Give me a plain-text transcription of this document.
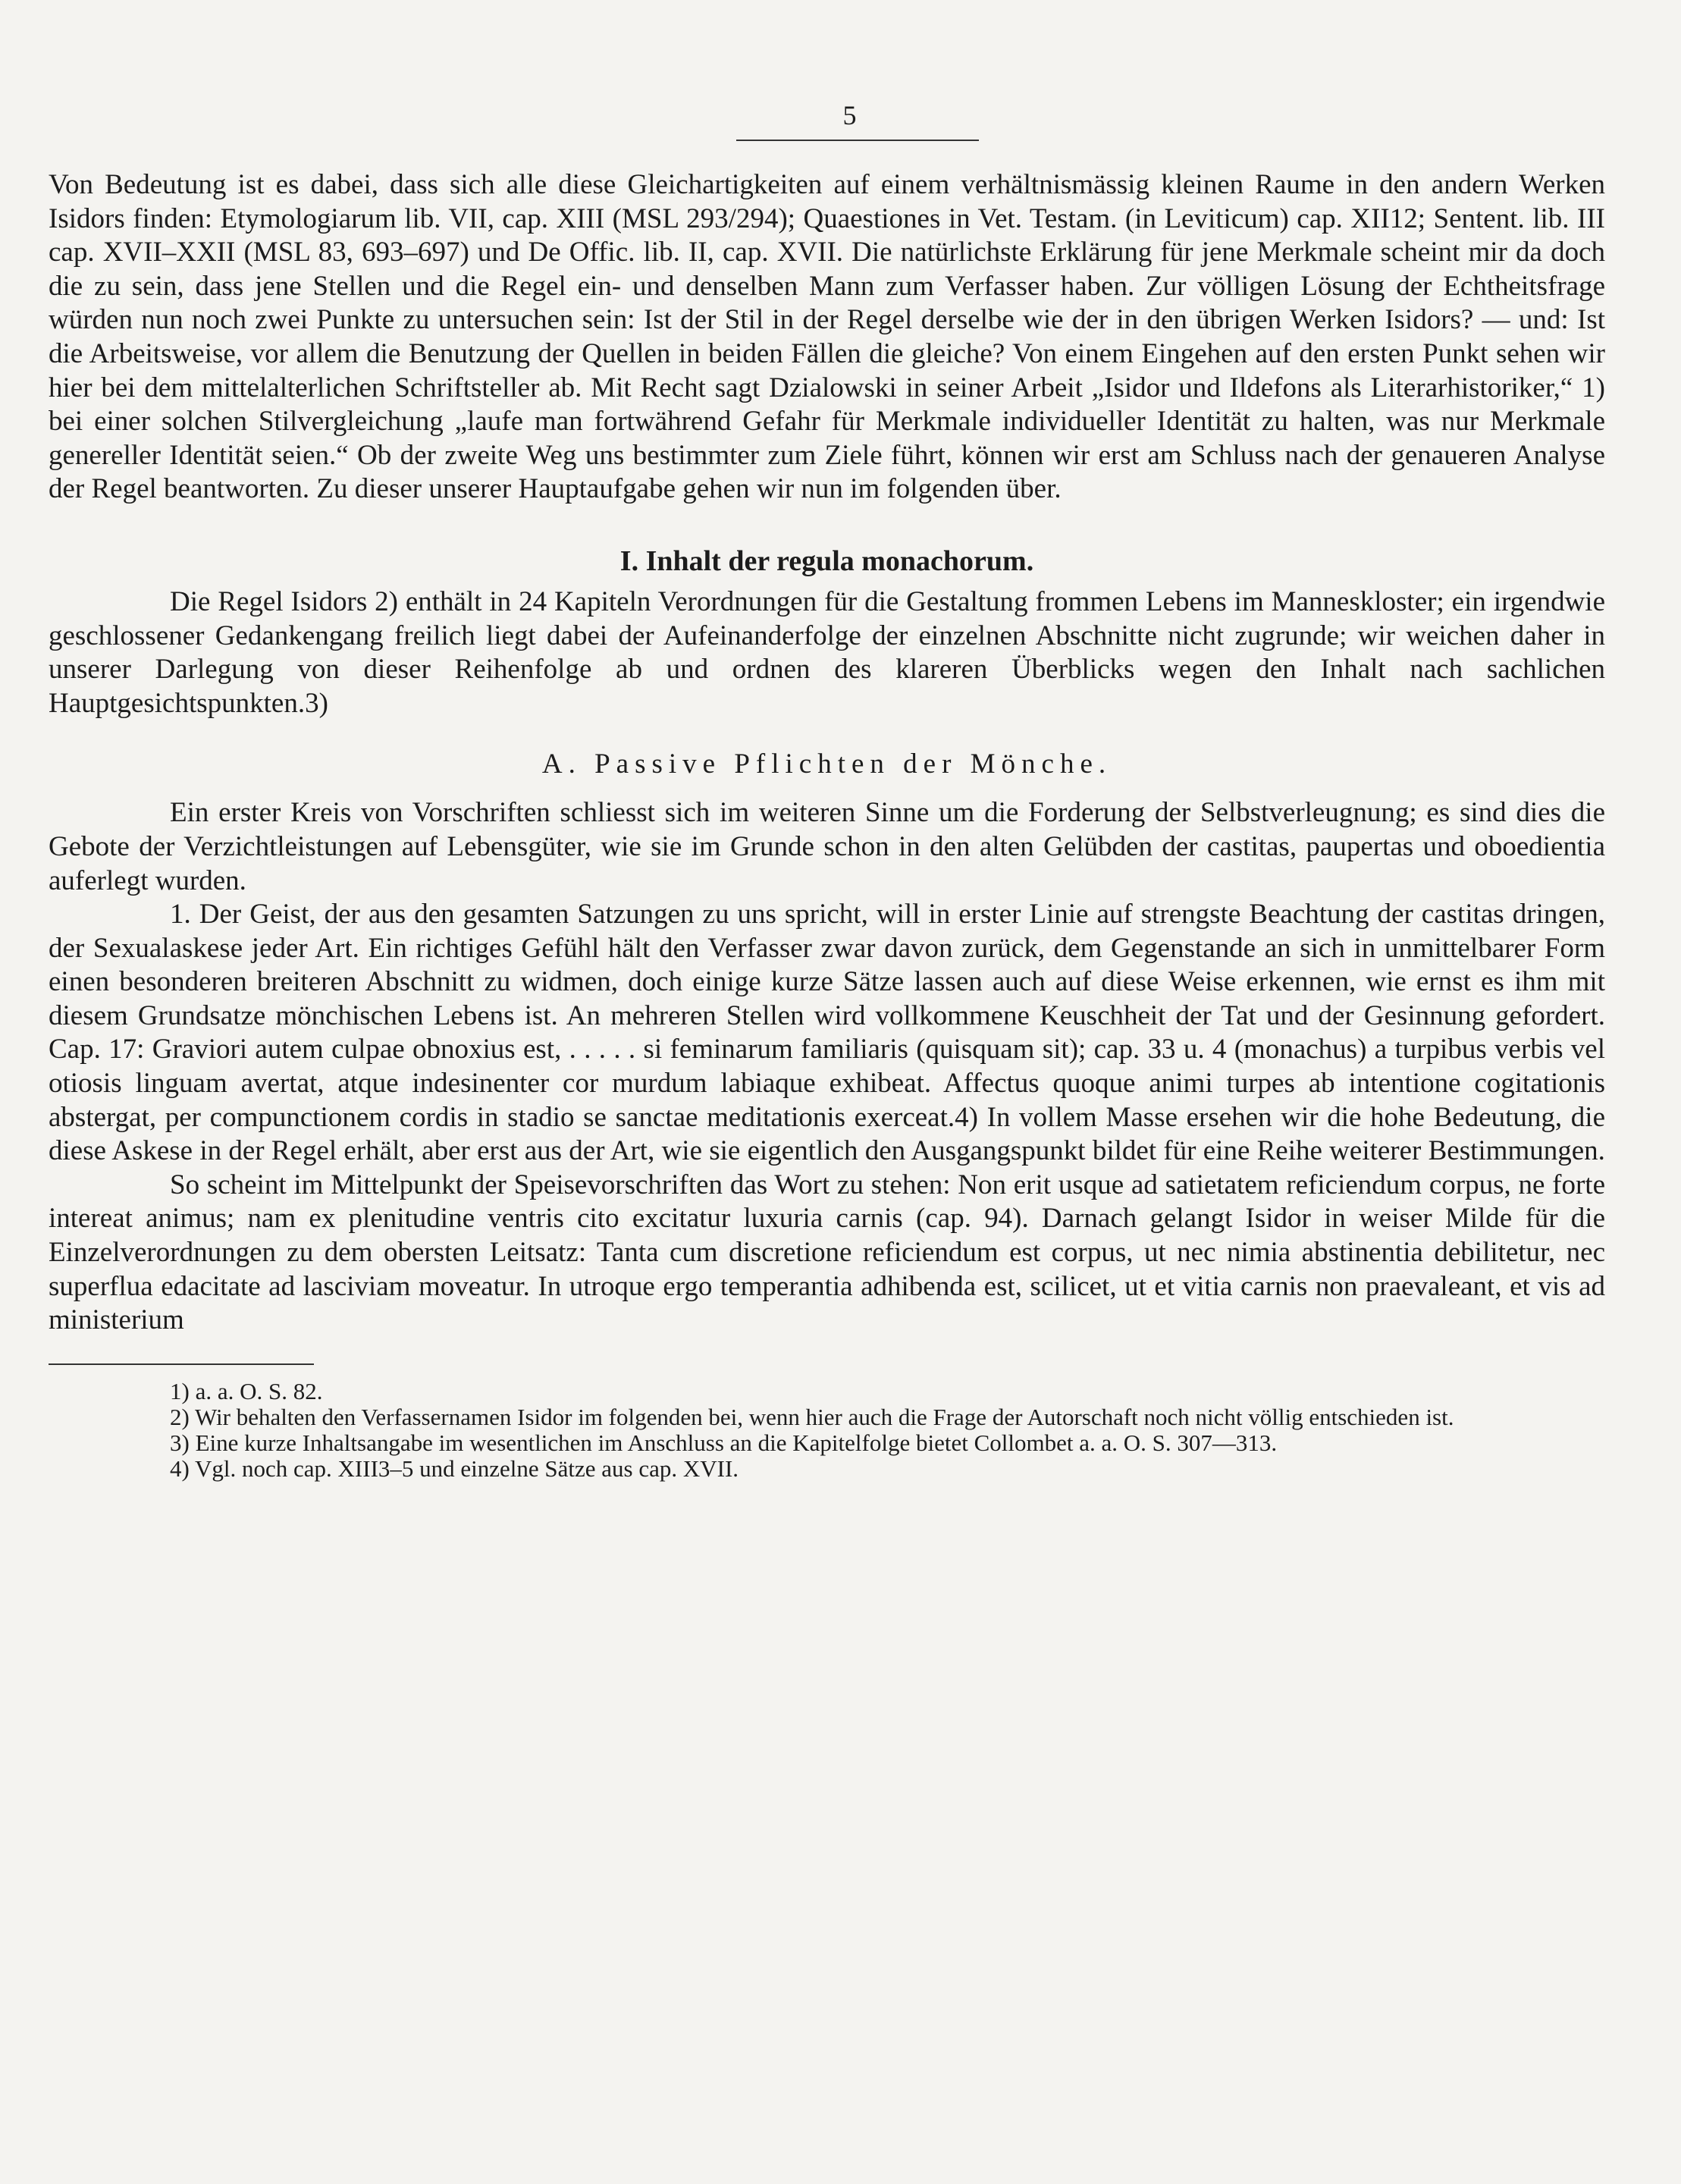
5

Von Bedeutung ist es dabei, dass sich alle diese Gleichartigkeiten auf einem verhältnismässig kleinen Raume in den andern Werken Isidors finden: Etymologiarum lib. VII, cap. XIII (MSL 293/294); Quaestiones in Vet. Testam. (in Leviticum) cap. XII12; Sentent. lib. III cap. XVII–XXII (MSL 83, 693–697) und De Offic. lib. II, cap. XVII. Die natürlichste Erklärung für jene Merkmale scheint mir da doch die zu sein, dass jene Stellen und die Regel ein- und denselben Mann zum Verfasser haben. Zur völligen Lösung der Echtheitsfrage würden nun noch zwei Punkte zu untersuchen sein: Ist der Stil in der Regel derselbe wie der in den übrigen Werken Isidors? — und: Ist die Arbeitsweise, vor allem die Benutzung der Quellen in beiden Fällen die gleiche? Von einem Eingehen auf den ersten Punkt sehen wir hier bei dem mittelalterlichen Schriftsteller ab. Mit Recht sagt Dzialowski in seiner Arbeit „Isidor und Ildefons als Literarhistoriker,“ 1) bei einer solchen Stilvergleichung „laufe man fortwährend Gefahr für Merkmale individueller Identität zu halten, was nur Merkmale genereller Identität seien.“ Ob der zweite Weg uns bestimmter zum Ziele führt, können wir erst am Schluss nach der genaueren Analyse der Regel beantworten. Zu dieser unserer Hauptaufgabe gehen wir nun im folgenden über.

I. Inhalt der regula monachorum.

Die Regel Isidors 2) enthält in 24 Kapiteln Verordnungen für die Gestaltung frommen Lebens im Manneskloster; ein irgendwie geschlossener Gedankengang freilich liegt dabei der Aufeinanderfolge der einzelnen Abschnitte nicht zugrunde; wir weichen daher in unserer Darlegung von dieser Reihenfolge ab und ordnen des klareren Überblicks wegen den Inhalt nach sachlichen Hauptgesichtspunkten.3)

A. Passive Pflichten der Mönche.

Ein erster Kreis von Vorschriften schliesst sich im weiteren Sinne um die Forderung der Selbstverleugnung; es sind dies die Gebote der Verzichtleistungen auf Lebensgüter, wie sie im Grunde schon in den alten Gelübden der castitas, paupertas und oboedientia auferlegt wurden.

1. Der Geist, der aus den gesamten Satzungen zu uns spricht, will in erster Linie auf strengste Beachtung der castitas dringen, der Sexualaskese jeder Art. Ein richtiges Gefühl hält den Verfasser zwar davon zurück, dem Gegenstande an sich in unmittelbarer Form einen besonderen breiteren Abschnitt zu widmen, doch einige kurze Sätze lassen auch auf diese Weise erkennen, wie ernst es ihm mit diesem Grundsatze mönchischen Lebens ist. An mehreren Stellen wird vollkommene Keuschheit der Tat und der Gesinnung gefordert. Cap. 17: Graviori autem culpae obnoxius est, . . . . . si feminarum familiaris (quisquam sit); cap. 33 u. 4 (monachus) a turpibus verbis vel otiosis linguam avertat, atque indesinenter cor murdum labiaque exhibeat. Affectus quoque animi turpes ab intentione cogitationis abstergat, per compunctionem cordis in stadio se sanctae meditationis exerceat.4) In vollem Masse ersehen wir die hohe Bedeutung, die diese Askese in der Regel erhält, aber erst aus der Art, wie sie eigentlich den Ausgangspunkt bildet für eine Reihe weiterer Bestimmungen.

So scheint im Mittelpunkt der Speisevorschriften das Wort zu stehen: Non erit usque ad satietatem reficiendum corpus, ne forte intereat animus; nam ex plenitudine ventris cito excitatur luxuria carnis (cap. 94). Darnach gelangt Isidor in weiser Milde für die Einzelverordnungen zu dem obersten Leitsatz: Tanta cum discretione reficiendum est corpus, ut nec nimia abstinentia debilitetur, nec superflua edacitate ad lasciviam moveatur. In utroque ergo temperantia adhibenda est, scilicet, ut et vitia carnis non praevaleant, et vis ad ministerium

1) a. a. O. S. 82.

2) Wir behalten den Verfassernamen Isidor im folgenden bei, wenn hier auch die Frage der Autorschaft noch nicht völlig entschieden ist.

3) Eine kurze Inhaltsangabe im wesentlichen im Anschluss an die Kapitelfolge bietet Collombet a. a. O. S. 307—313.

4) Vgl. noch cap. XIII3–5 und einzelne Sätze aus cap. XVII.
